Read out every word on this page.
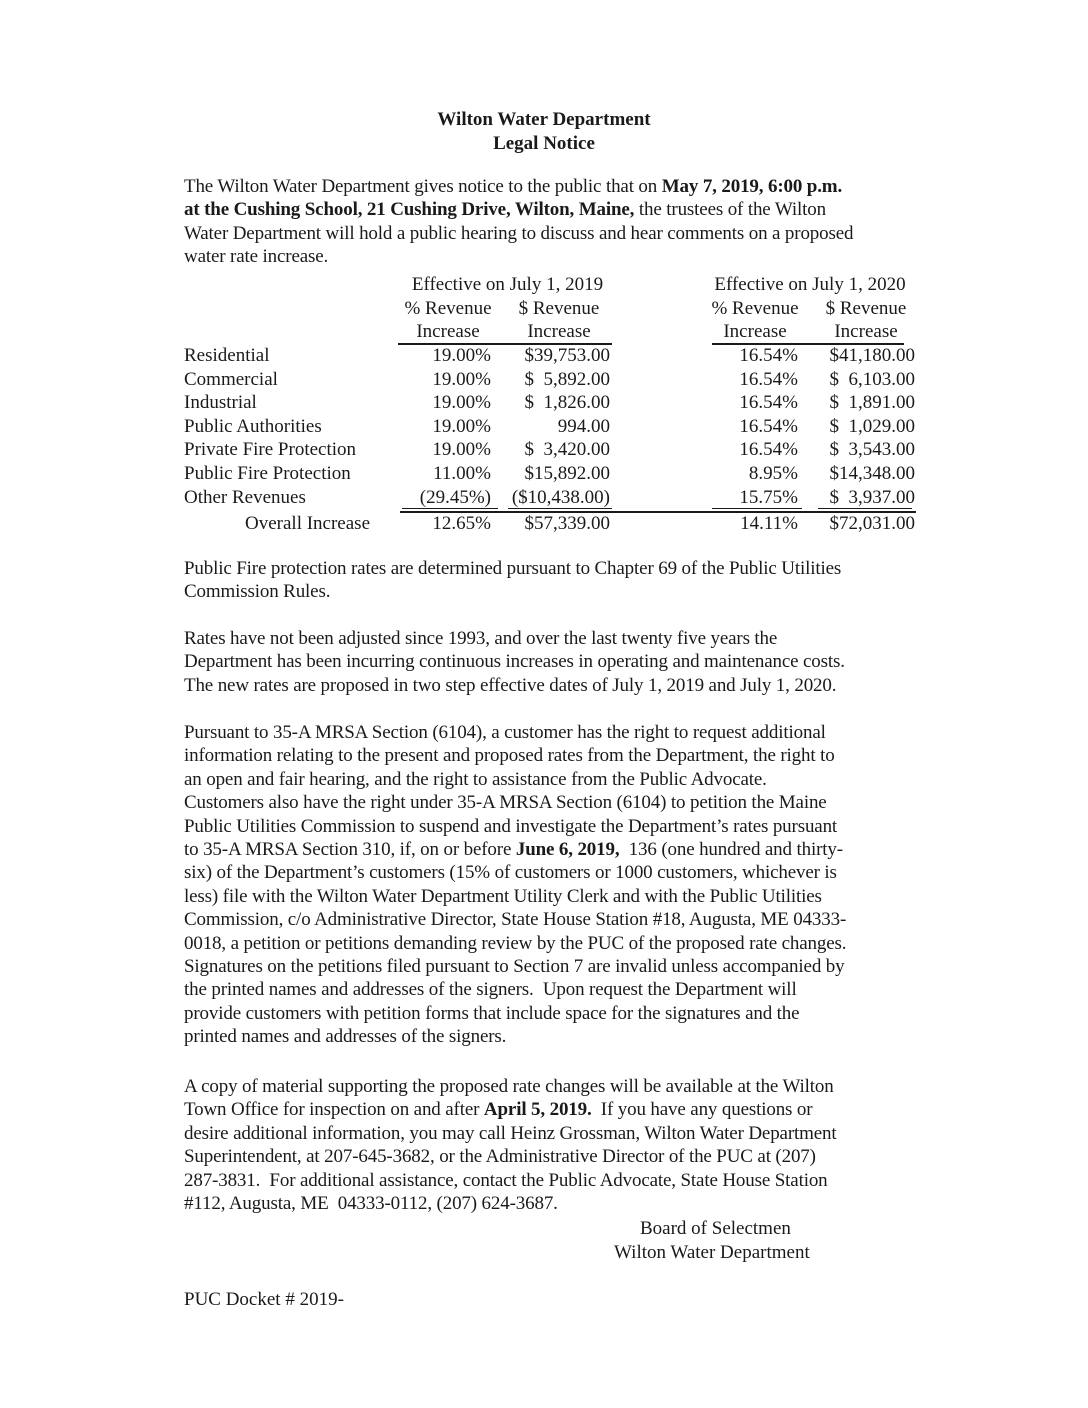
Wilton Water Department
Legal Notice

The Wilton Water Department gives notice to the public that on May 7, 2019, 6:00 p.m.
at the Cushing School, 21 Cushing Drive, Wilton, Maine, the trustees of the Wilton
Water Department will hold a public hearing to discuss and hear comments on a proposed
water rate increase.

Effective on July 1, 2019	Effective on July 1, 2020
% Revenue	$ Revenue	% Revenue	$ Revenue
Increase	Increase	Increase	Increase
Residential	19.00%	$39,753.00	16.54%	$41,180.00
Commercial	19.00%	$  5,892.00	16.54%	$  6,103.00
Industrial	19.00%	$  1,826.00	16.54%	$  1,891.00
Public Authorities	19.00%	994.00	16.54%	$  1,029.00
Private Fire Protection	19.00%	$  3,420.00	16.54%	$  3,543.00
Public Fire Protection	11.00%	$15,892.00	8.95%	$14,348.00
Other Revenues	(29.45%)	($10,438.00)	15.75%	$  3,937.00
Overall Increase	12.65%	$57,339.00	14.11%	$72,031.00

Public Fire protection rates are determined pursuant to Chapter 69 of the Public Utilities
Commission Rules.

Rates have not been adjusted since 1993, and over the last twenty five years the
Department has been incurring continuous increases in operating and maintenance costs.
The new rates are proposed in two step effective dates of July 1, 2019 and July 1, 2020.

Pursuant to 35-A MRSA Section (6104), a customer has the right to request additional
information relating to the present and proposed rates from the Department, the right to
an open and fair hearing, and the right to assistance from the Public Advocate.
Customers also have the right under 35-A MRSA Section (6104) to petition the Maine
Public Utilities Commission to suspend and investigate the Department’s rates pursuant
to 35-A MRSA Section 310, if, on or before June 6, 2019,  136 (one hundred and thirty-
six) of the Department’s customers (15% of customers or 1000 customers, whichever is
less) file with the Wilton Water Department Utility Clerk and with the Public Utilities
Commission, c/o Administrative Director, State House Station #18, Augusta, ME 04333-
0018, a petition or petitions demanding review by the PUC of the proposed rate changes.
Signatures on the petitions filed pursuant to Section 7 are invalid unless accompanied by
the printed names and addresses of the signers.  Upon request the Department will
provide customers with petition forms that include space for the signatures and the
printed names and addresses of the signers.

A copy of material supporting the proposed rate changes will be available at the Wilton
Town Office for inspection on and after April 5, 2019.  If you have any questions or
desire additional information, you may call Heinz Grossman, Wilton Water Department
Superintendent, at 207-645-3682, or the Administrative Director of the PUC at (207)
287-3831.  For additional assistance, contact the Public Advocate, State House Station
#112, Augusta, ME  04333-0112, (207) 624-3687.

Board of Selectmen
Wilton Water Department
PUC Docket # 2019-
